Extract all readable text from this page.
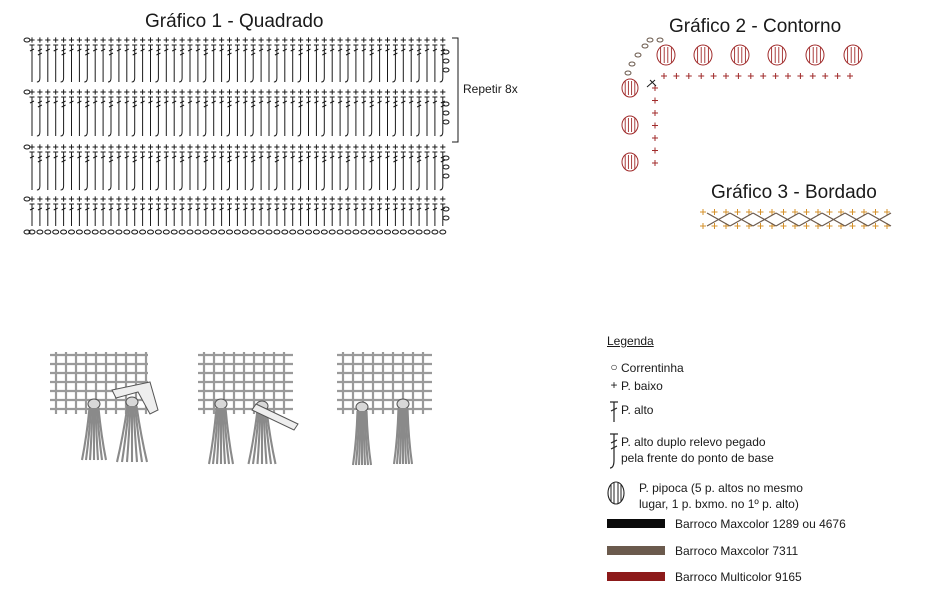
Gráfico 1 - Quadrado	Gráfico 2 - Contorno
Gráfico 3 - Bordado
Repetir 8x
Legenda
○ Correntinha
+ P. baixo
P. alto
P. alto duplo relevo pegado
pela frente do ponto de base
P. pipoca (5 p. altos no mesmo
lugar, 1 p. bxmo. no 1º p. alto)
Barroco Maxcolor 1289 ou 4676
Barroco Maxcolor 7311
Barroco Multicolor 9165
